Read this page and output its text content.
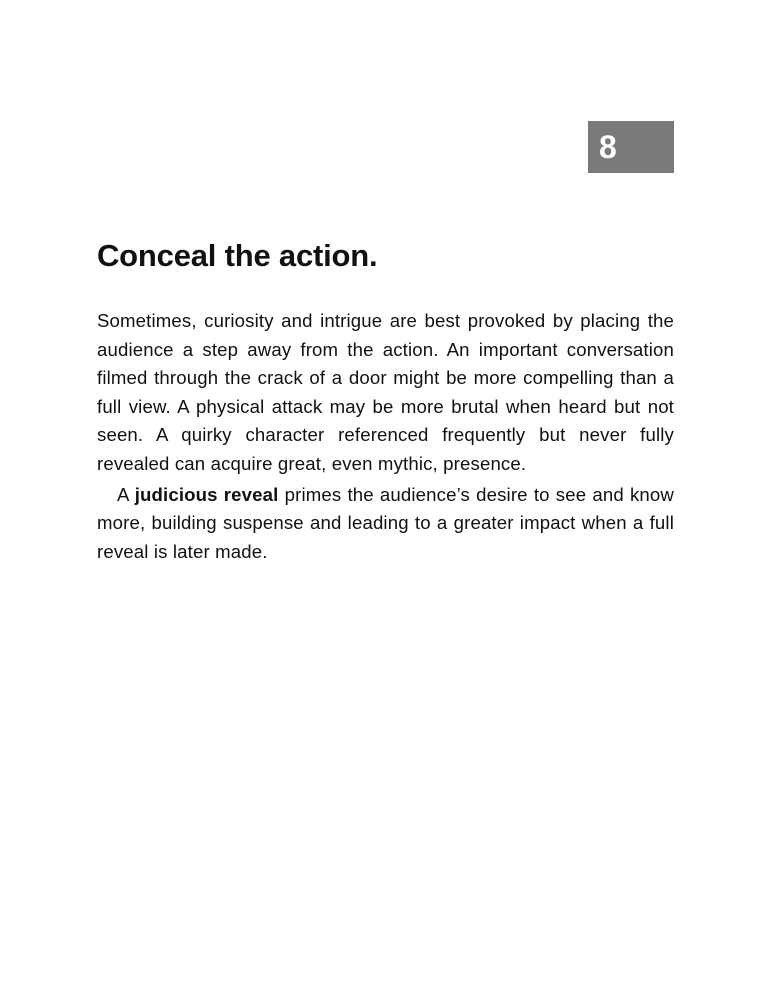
8
Conceal the action.

Sometimes, curiosity and intrigue are best provoked by placing the audience a step away from the action. An important conversation filmed through the crack of a door might be more compelling than a full view. A physical attack may be more brutal when heard but not seen. A quirky character referenced frequently but never fully revealed can acquire great, even mythic, presence.

A judicious reveal primes the audience’s desire to see and know more, building suspense and leading to a greater impact when a full reveal is later made.
